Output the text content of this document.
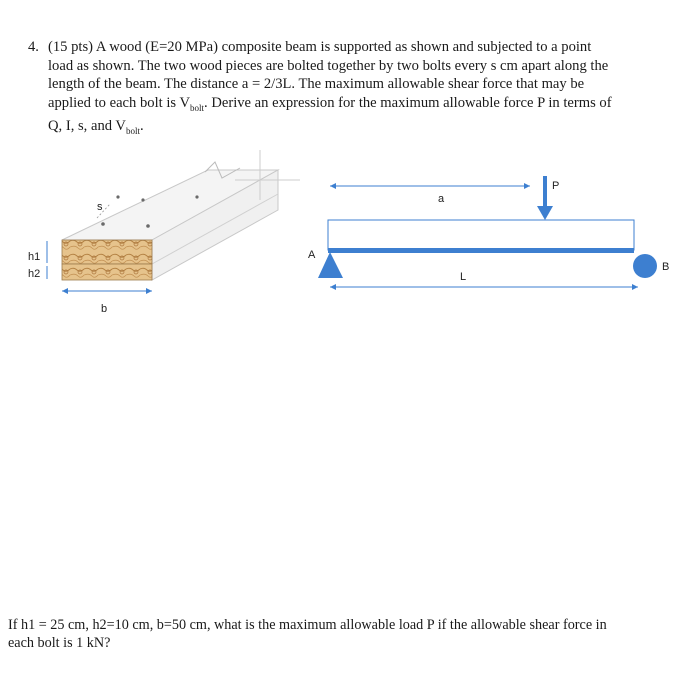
4. (15 pts) A wood (E=20 MPa) composite beam is supported as shown and subjected to a point
load as shown. The two wood pieces are bolted together by two bolts every s cm apart along the
length of the beam. The distance a = 2/3L. The maximum allowable shear force that may be
applied to each bolt is $V_{bolt}$. Derive an expression for the maximum allowable force P in terms of
Q, I, s, and $V_{bolt}$.
s
h1
h2
b
a
P
A
B
L
If h1 = 25 cm, h2=10 cm, b=50 cm, what is the maximum allowable load P if the allowable shear force in
each bolt is 1 kN?
